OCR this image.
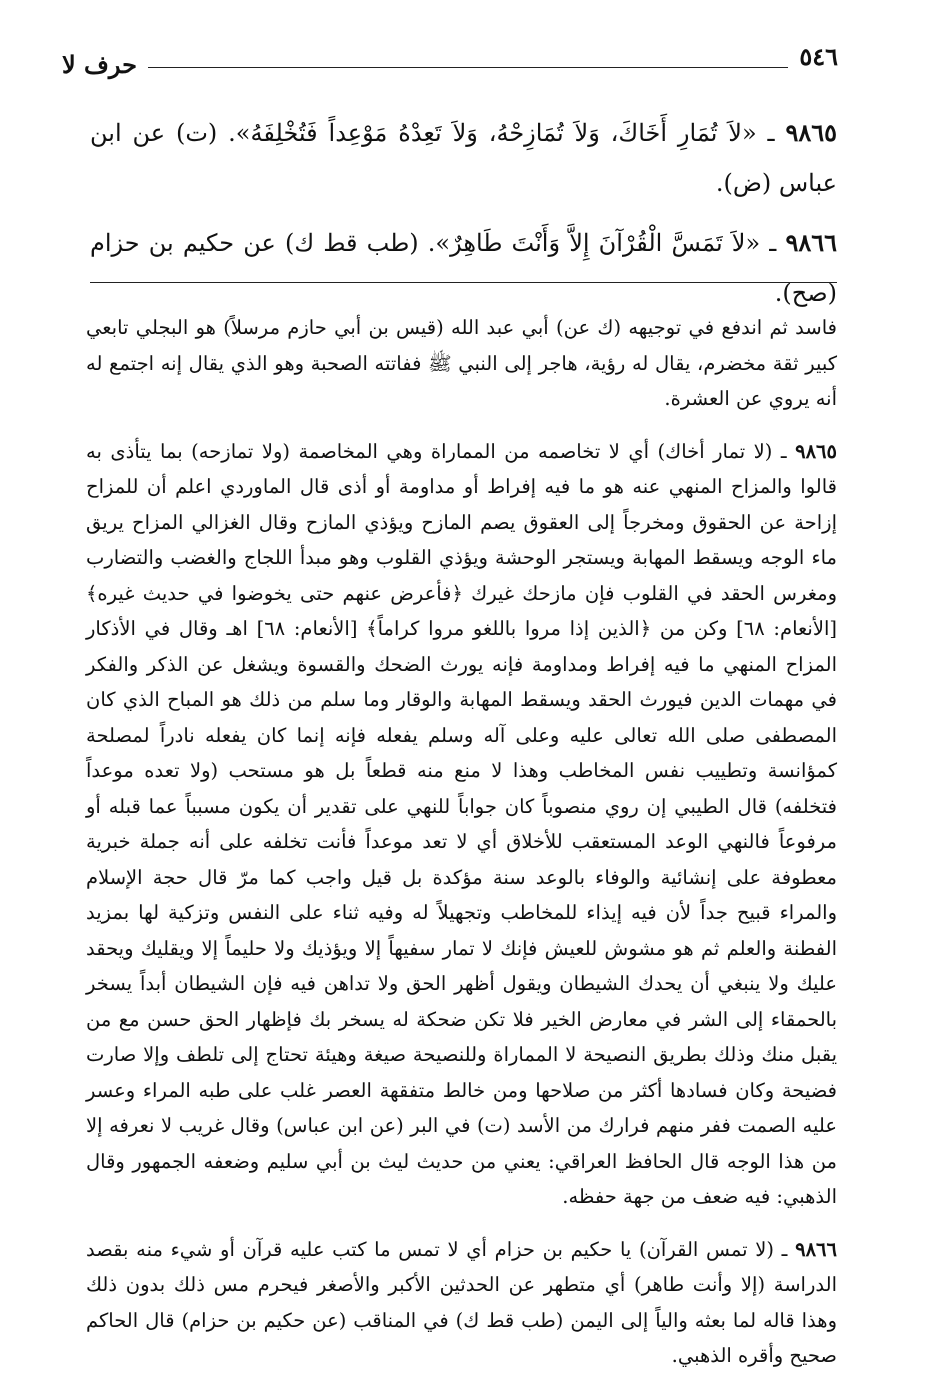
٥٤٦
حرف لا

٩٨٦٥ ـ «لاَ تُمَارِ أَخَاكَ، وَلاَ تُمَازِحْهُ، وَلاَ تَعِدْهُ مَوْعِداً فَتُخْلِفَهُ». (ت) عن ابن عباس (ض).

٩٨٦٦ ـ «لاَ تَمَسَّ الْقُرْآنَ إِلاَّ وَأَنْتَ طَاهِرٌ». (طب قط ك) عن حكيم بن حزام (صح).

فاسد ثم اندفع في توجيهه (ك عن) أبي عبد الله (قيس بن أبي حازم مرسلاً) هو البجلي تابعي كبير ثقة مخضرم، يقال له رؤية، هاجر إلى النبي ﷺ ففاتته الصحبة وهو الذي يقال إنه اجتمع له أنه يروي عن العشرة.

٩٨٦٥ ـ (لا تمار أخاك) أي لا تخاصمه من المماراة وهي المخاصمة (ولا تمازحه) بما يتأذى به قالوا والمزاح المنهي عنه هو ما فيه إفراط أو مداومة أو أذى قال الماوردي اعلم أن للمزاح إزاحة عن الحقوق ومخرجاً إلى العقوق يصم المازح ويؤذي المازح وقال الغزالي المزاح يريق ماء الوجه ويسقط المهابة ويستجر الوحشة ويؤذي القلوب وهو مبدأ اللجاج والغضب والتضارب ومغرس الحقد في القلوب فإن مازحك غيرك ﴿فأعرض عنهم حتى يخوضوا في حديث غيره﴾ [الأنعام: ٦٨] وكن من ﴿الذين إذا مروا باللغو مروا كراماً﴾ [الأنعام: ٦٨] اهـ وقال في الأذكار المزاح المنهي ما فيه إفراط ومداومة فإنه يورث الضحك والقسوة ويشغل عن الذكر والفكر في مهمات الدين فيورث الحقد ويسقط المهابة والوقار وما سلم من ذلك هو المباح الذي كان المصطفى صلى الله تعالى عليه وعلى آله وسلم يفعله فإنه إنما كان يفعله نادراً لمصلحة كمؤانسة وتطييب نفس المخاطب وهذا لا منع منه قطعاً بل هو مستحب (ولا تعده موعداً فتخلفه) قال الطيبي إن روي منصوباً كان جواباً للنهي على تقدير أن يكون مسبباً عما قبله أو مرفوعاً فالنهي الوعد المستعقب للأخلاق أي لا تعد موعداً فأنت تخلفه على أنه جملة خبرية معطوفة على إنشائية والوفاء بالوعد سنة مؤكدة بل قيل واجب كما مرّ قال حجة الإسلام والمراء قبيح جداً لأن فيه إيذاء للمخاطب وتجهيلاً له وفيه ثناء على النفس وتزكية لها بمزيد الفطنة والعلم ثم هو مشوش للعيش فإنك لا تمار سفيهاً إلا ويؤذيك ولا حليماً إلا ويقليك ويحقد عليك ولا ينبغي أن يحدك الشيطان ويقول أظهر الحق ولا تداهن فيه فإن الشيطان أبداً يسخر بالحمقاء إلى الشر في معارض الخير فلا تكن ضحكة له يسخر بك فإظهار الحق حسن مع من يقبل منك وذلك بطريق النصيحة لا المماراة وللنصيحة صيغة وهيئة تحتاج إلى تلطف وإلا صارت فضيحة وكان فسادها أكثر من صلاحها ومن خالط متفقهة العصر غلب على طبه المراء وعسر عليه الصمت ففر منهم فرارك من الأسد (ت) في البر (عن ابن عباس) وقال غريب لا نعرفه إلا من هذا الوجه قال الحافظ العراقي: يعني من حديث ليث بن أبي سليم وضعفه الجمهور وقال الذهبي: فيه ضعف من جهة حفظه.

٩٨٦٦ ـ (لا تمس القرآن) يا حكيم بن حزام أي لا تمس ما كتب عليه قرآن أو شيء منه بقصد الدراسة (إلا وأنت طاهر) أي متطهر عن الحدثين الأكبر والأصغر فيحرم مس ذلك بدون ذلك وهذا قاله لما بعثه والياً إلى اليمن (طب قط ك) في المناقب (عن حكيم بن حزام) قال الحاكم صحيح وأقره الذهبي.
